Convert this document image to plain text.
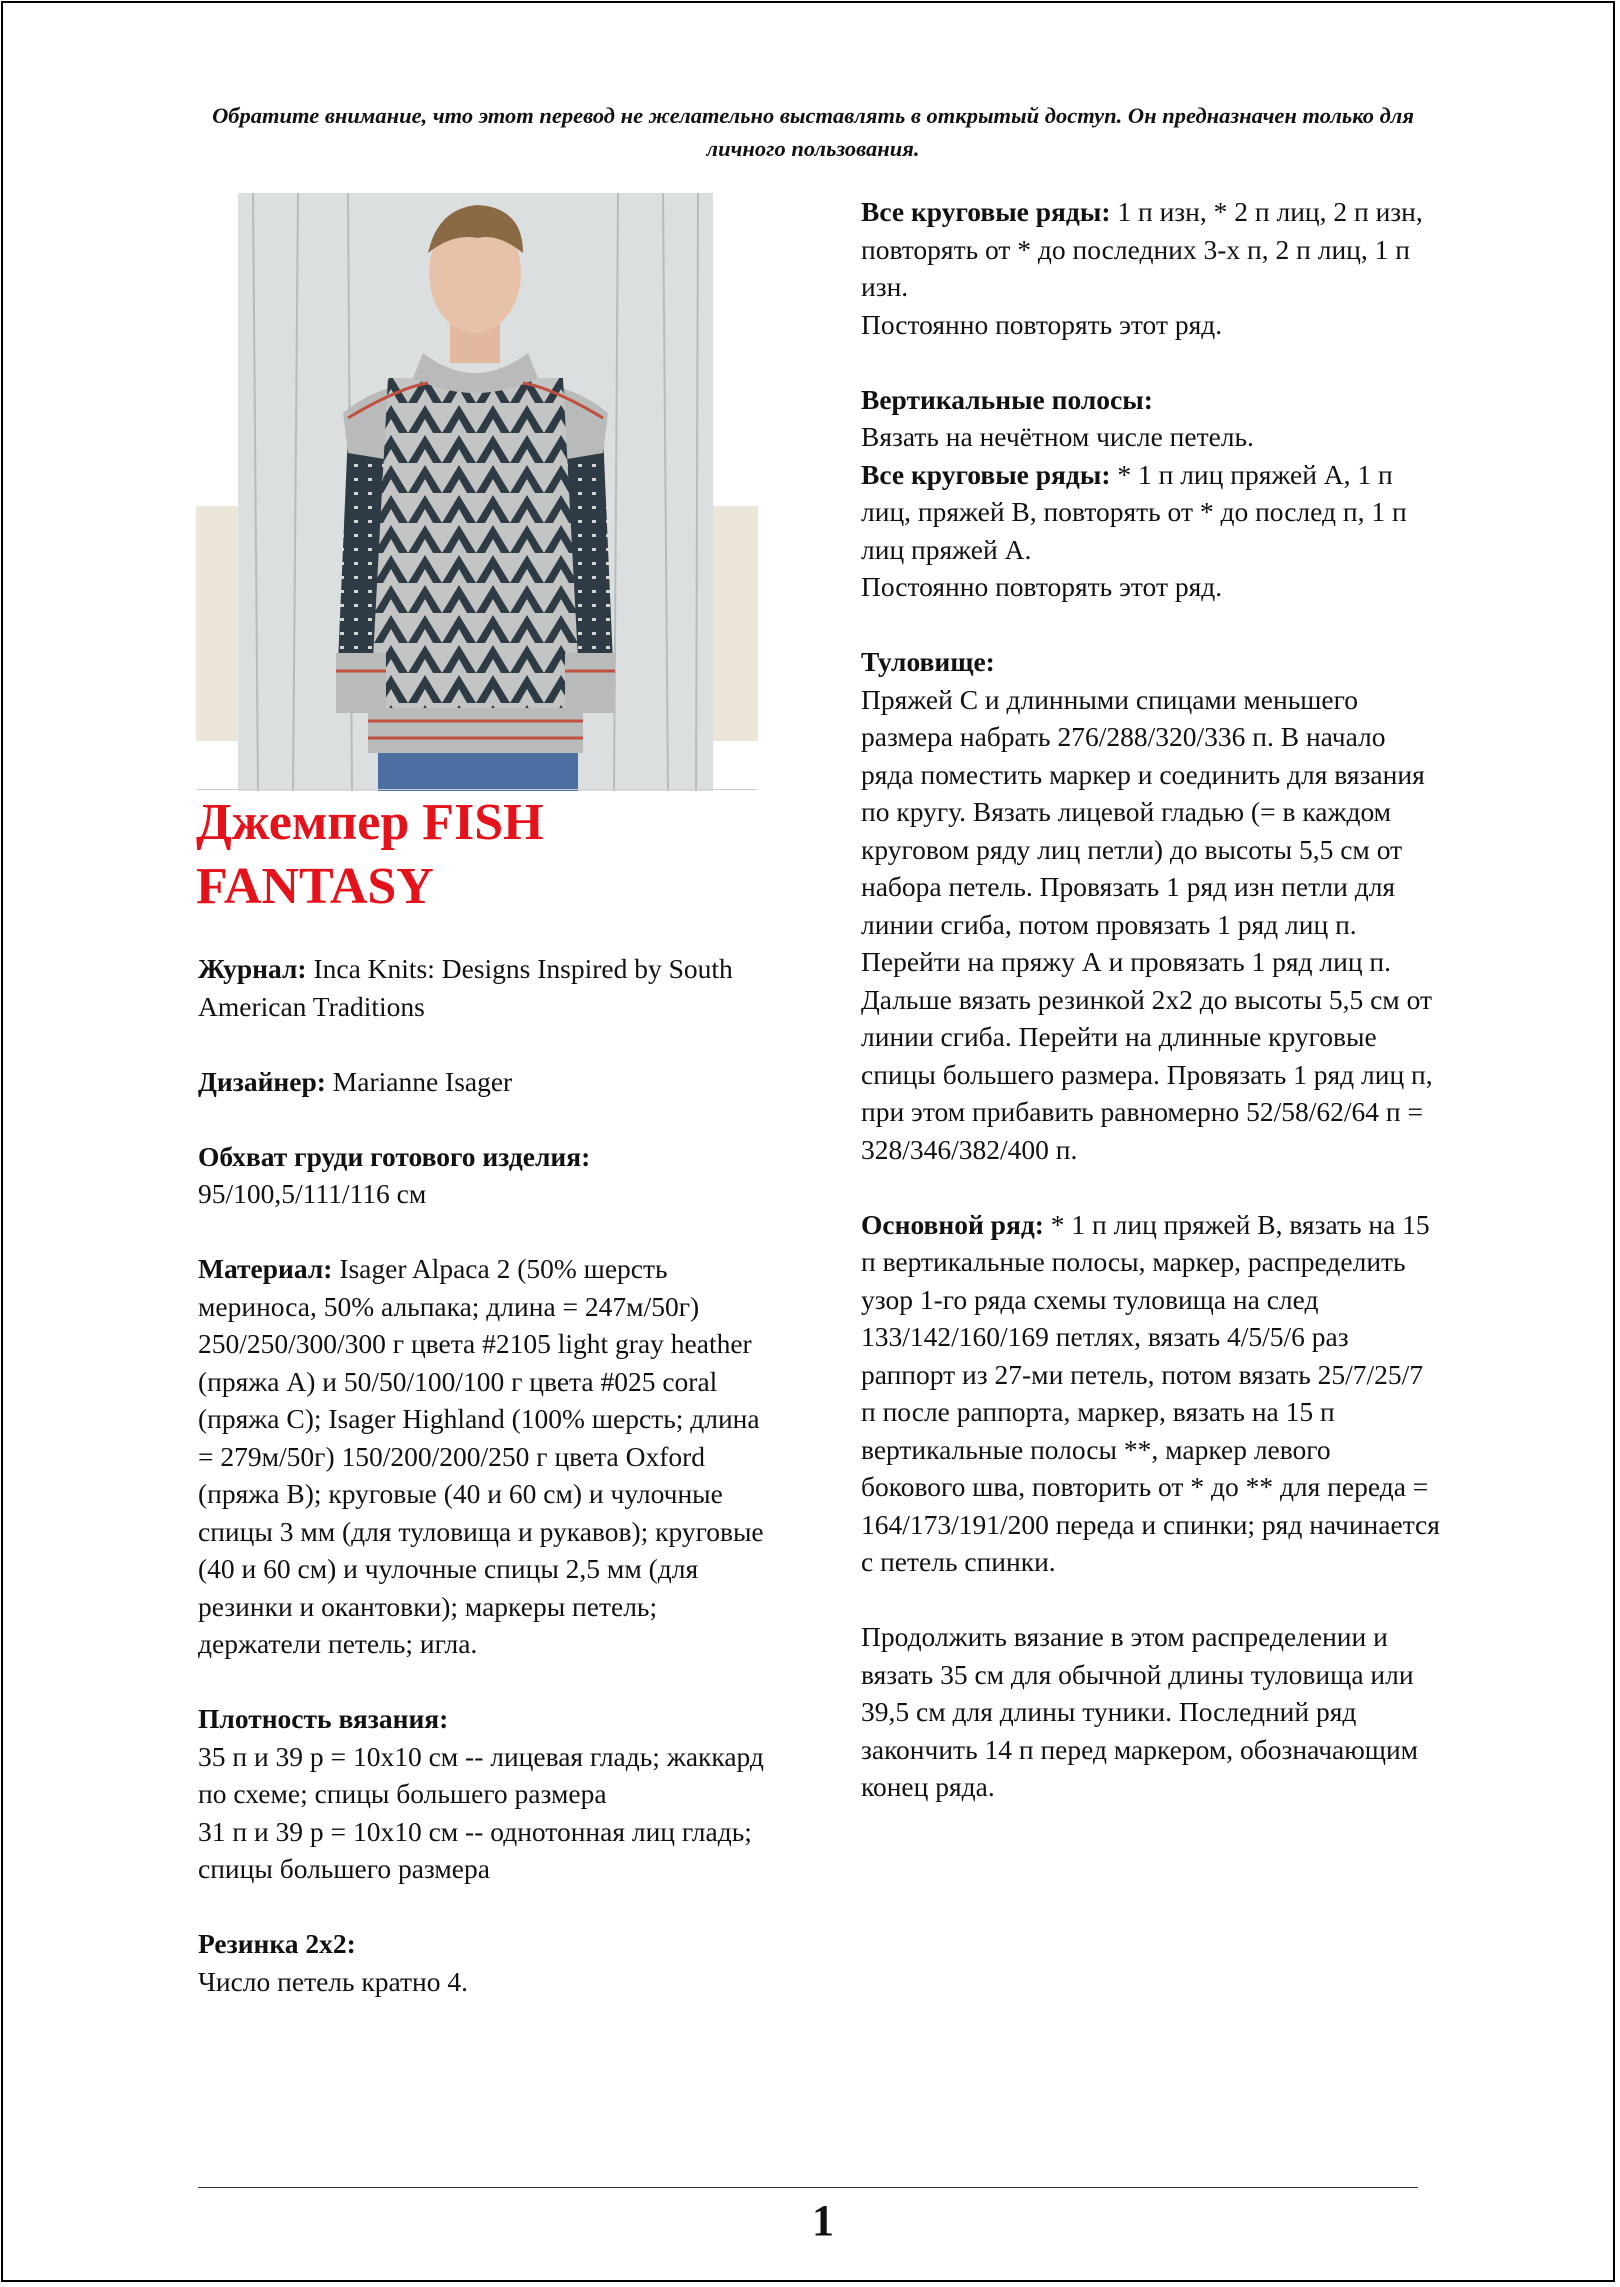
Обратите внимание, что этот перевод не желательно выставлять в открытый доступ. Он предназначен только для личного пользования.
Джемпер FISH FANTASY

Журнал: Inca Knits: Designs Inspired by South American Traditions

Дизайнер: Marianne Isager

Обхват груди готового изделия:
95/100,5/111/116 см

Материал: Isager Alpaca 2 (50% шерсть мериноса, 50% альпака; длина = 247м/50г) 250/250/300/300 г цвета #2105 light gray heather (пряжа А) и 50/50/100/100 г цвета #025 coral (пряжа С); Isager Highland (100% шерсть; длина = 279м/50г) 150/200/200/250 г цвета Oxford (пряжа В); круговые (40 и 60 см) и чулочные спицы 3 мм (для туловища и рукавов); круговые (40 и 60 см) и чулочные спицы 2,5 мм (для резинки и окантовки); маркеры петель; держатели петель; игла.

Плотность вязания:
35 п и 39 р = 10х10 см -- лицевая гладь; жаккард по схеме; спицы большего размера
31 п и 39 р = 10х10 см -- однотонная лиц гладь; спицы большего размера

Резинка 2х2:
Число петель кратно 4.

Все круговые ряды: 1 п изн, * 2 п лиц, 2 п изн, повторять от * до последних 3-х п, 2 п лиц, 1 п изн.
Постоянно повторять этот ряд.

Вертикальные полосы:
Вязать на нечётном числе петель.
Все круговые ряды: * 1 п лиц пряжей А, 1 п лиц, пряжей В, повторять от * до послед п, 1 п лиц пряжей А.
Постоянно повторять этот ряд.

Туловище:
Пряжей С и длинными спицами меньшего размера набрать 276/288/320/336 п. В начало ряда поместить маркер и соединить для вязания по кругу. Вязать лицевой гладью (= в каждом круговом ряду лиц петли) до высоты 5,5 см от набора петель. Провязать 1 ряд изн петли для линии сгиба, потом провязать 1 ряд лиц п. Перейти на пряжу А и провязать 1 ряд лиц п. Дальше вязать резинкой 2х2 до высоты 5,5 см от линии сгиба. Перейти на длинные круговые спицы большего размера. Провязать 1 ряд лиц п, при этом прибавить равномерно 52/58/62/64 п = 328/346/382/400 п.

Основной ряд: * 1 п лиц пряжей В, вязать на 15 п вертикальные полосы, маркер, распределить узор 1-го ряда схемы туловища на след 133/142/160/169 петлях, вязать 4/5/5/6 раз раппорт из 27-ми петель, потом вязать 25/7/25/7 п после раппорта, маркер, вязать на 15 п вертикальные полосы **, маркер левого бокового шва, повторить от * до ** для переда = 164/173/191/200 переда и спинки; ряд начинается с петель спинки.

Продолжить вязание в этом распределении и вязать 35 см для обычной длины туловища или 39,5 см для длины туники. Последний ряд закончить 14 п перед маркером, обозначающим конец ряда.

1
